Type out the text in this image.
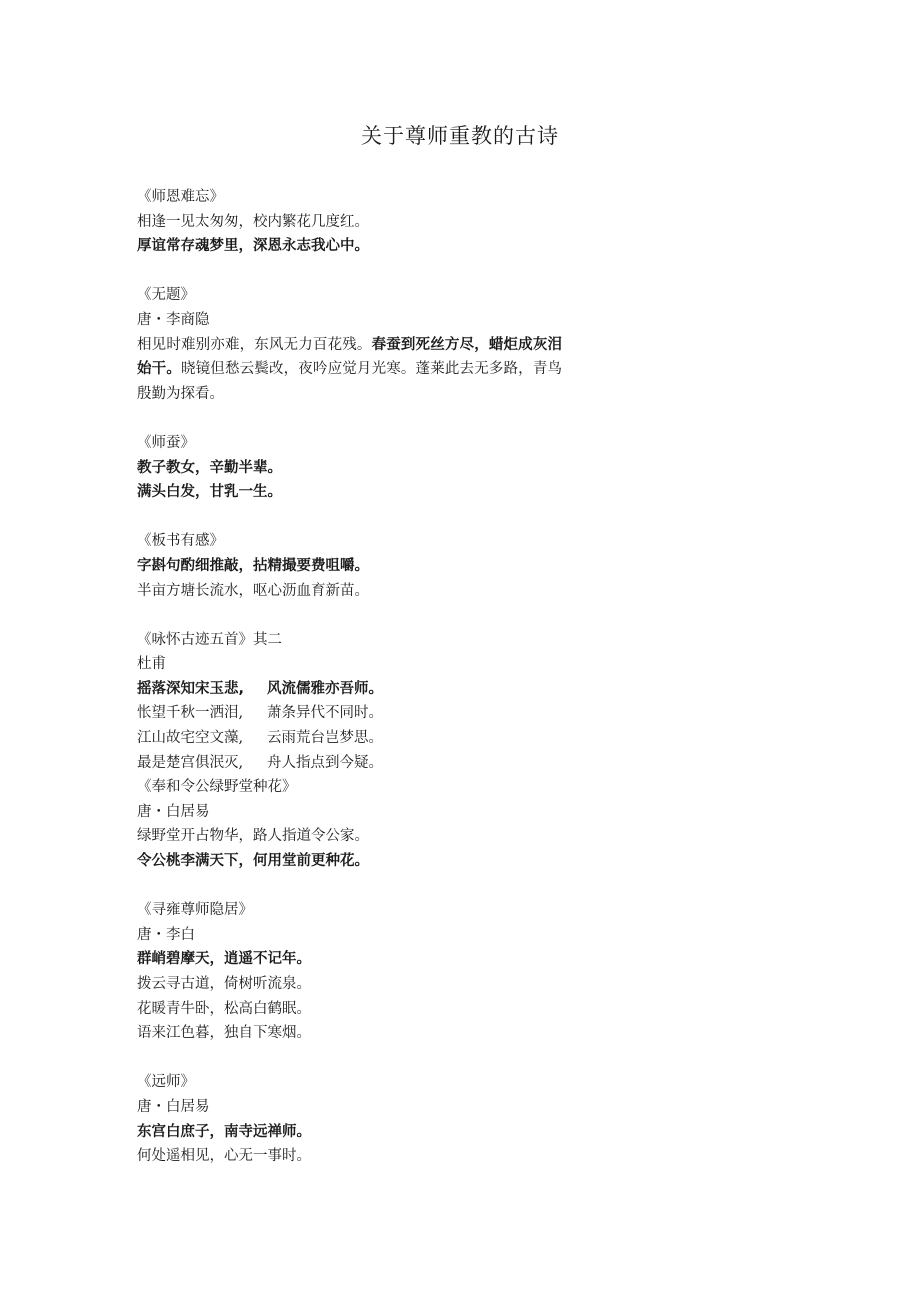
关于尊师重教的古诗
《师恩难忘》
相逢一见太匆匆，校内繁花几度红。
厚谊常存魂梦里，深恩永志我心中。
《无题》
唐・李商隐
相见时难别亦难，东风无力百花残。春蚕到死丝方尽，蜡炬成灰泪始干。晓镜但愁云鬓改，夜吟应觉月光寒。蓬莱此去无多路，青鸟殷勤为探看。
《师蚕》
教子教女，辛勤半辈。
满头白发，甘乳一生。
《板书有感》
字斟句酌细推敲，拈精撮要费咀嚼。
半亩方塘长流水，呕心沥血育新苗。
《咏怀古迹五首》其二
杜甫
摇落深知宋玉悲,	风流儒雅亦吾师。
怅望千秋一洒泪,	萧条异代不同时。
江山故宅空文藻,	云雨荒台岂梦思。
最是楚宫俱泯灭,	舟人指点到今疑。
《奉和令公绿野堂种花》
唐・白居易
绿野堂开占物华，路人指道令公家。
令公桃李满天下，何用堂前更种花。
《寻雍尊师隐居》
唐・李白
群峭碧摩天，逍遥不记年。
拨云寻古道，倚树听流泉。
花暖青牛卧，松高白鹤眠。
语来江色暮，独自下寒烟。
《远师》
唐・白居易
东宫白庶子，南寺远禅师。
何处遥相见，心无一事时。
